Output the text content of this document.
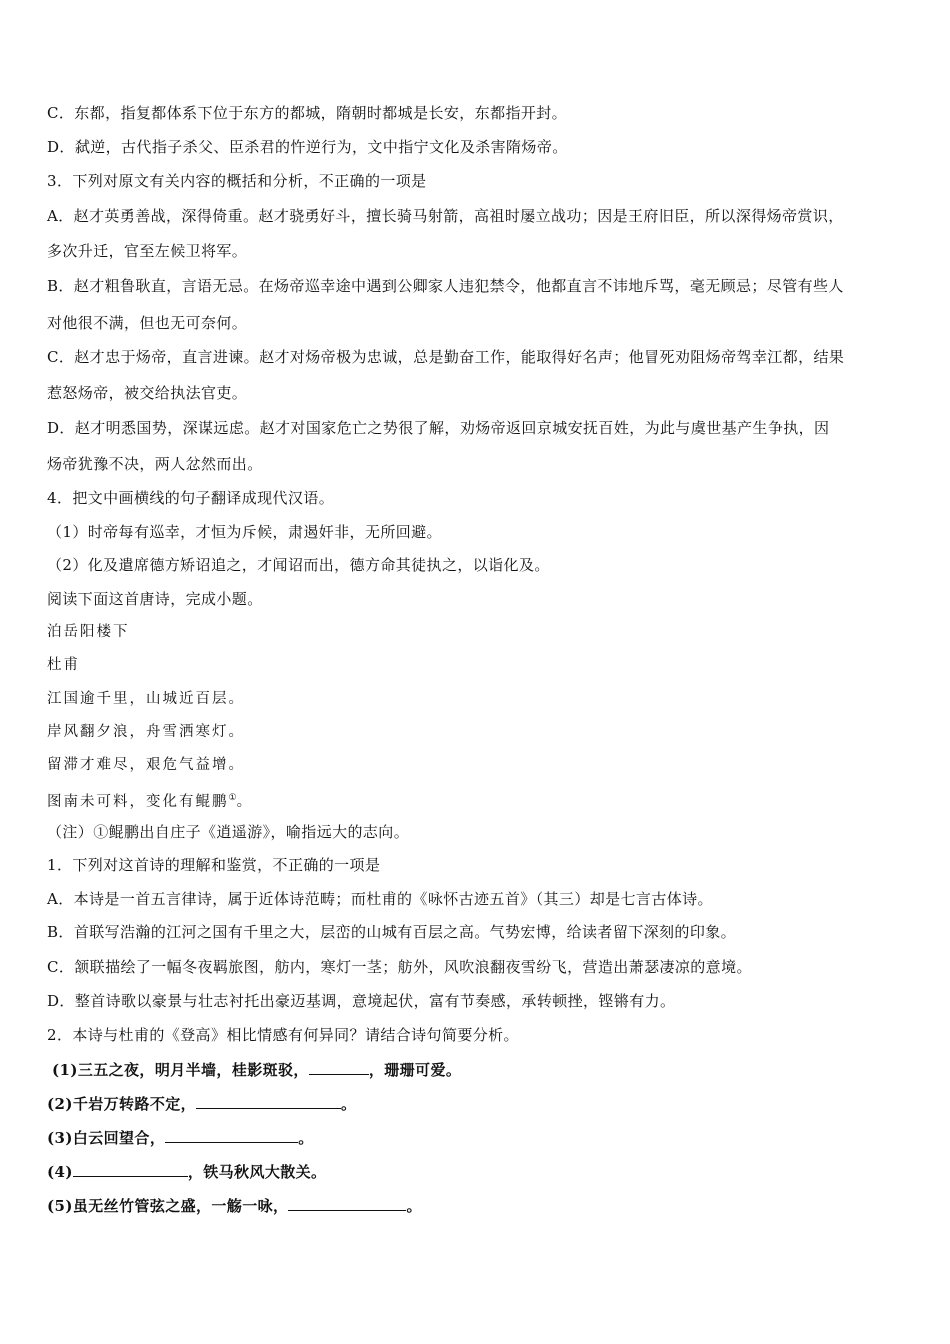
C．东都，指复都体系下位于东方的都城，隋朝时都城是长安，东都指开封。
D．弑逆，古代指子杀父、臣杀君的忤逆行为，文中指宁文化及杀害隋炀帝。
3．下列对原文有关内容的概括和分析，不正确的一项是
A．赵才英勇善战，深得倚重。赵才骁勇好斗，擅长骑马射箭，高祖时屡立战功；因是王府旧臣，所以深得炀帝赏识，
多次升迁，官至左候卫将军。
B．赵才粗鲁耿直，言语无忌。在炀帝巡幸途中遇到公卿家人违犯禁令，他都直言不讳地斥骂，毫无顾忌；尽管有些人
对他很不满，但也无可奈何。
C．赵才忠于炀帝，直言进谏。赵才对炀帝极为忠诚，总是勤奋工作，能取得好名声；他冒死劝阻炀帝驾幸江都，结果
惹怒炀帝，被交给执法官吏。
D．赵才明悉国势，深谋远虑。赵才对国家危亡之势很了解，劝炀帝返回京城安抚百姓，为此与虞世基产生争执，因
炀帝犹豫不决，两人忿然而出。
4．把文中画横线的句子翻译成现代汉语。
（1）时帝每有巡幸，才恒为斥候，肃遏奸非，无所回避。
（2）化及遣席德方矫诏追之，才闻诏而出，德方命其徒执之，以诣化及。
阅读下面这首唐诗，完成小题。
泊岳阳楼下
杜甫
江国逾千里，山城近百层。
岸风翻夕浪，舟雪洒寒灯。
留滞才难尽，艰危气益增。
图南未可料，变化有鲲鹏①。
（注）①鲲鹏出自庄子《逍遥游》，喻指远大的志向。
1．下列对这首诗的理解和鉴赏，不正确的一项是
A．本诗是一首五言律诗，属于近体诗范畴；而杜甫的《咏怀古迹五首》（其三）却是七言古体诗。
B．首联写浩瀚的江河之国有千里之大，层峦的山城有百层之高。气势宏博，给读者留下深刻的印象。
C．颔联描绘了一幅冬夜羁旅图，舫内，寒灯一茎；舫外，风吹浪翻夜雪纷飞，营造出萧瑟凄凉的意境。
D．整首诗歌以豪景与壮志衬托出豪迈基调，意境起伏，富有节奏感，承转顿挫，铿锵有力。
2．本诗与杜甫的《登高》相比情感有何异同？请结合诗句简要分析。
(1)三五之夜，明月半墙，桂影斑驳，	，珊珊可爱。
(2)千岩万转路不定，	。
(3)白云回望合，	。
(4)	，铁马秋风大散关。
(5)虽无丝竹管弦之盛，一觞一咏，	。
